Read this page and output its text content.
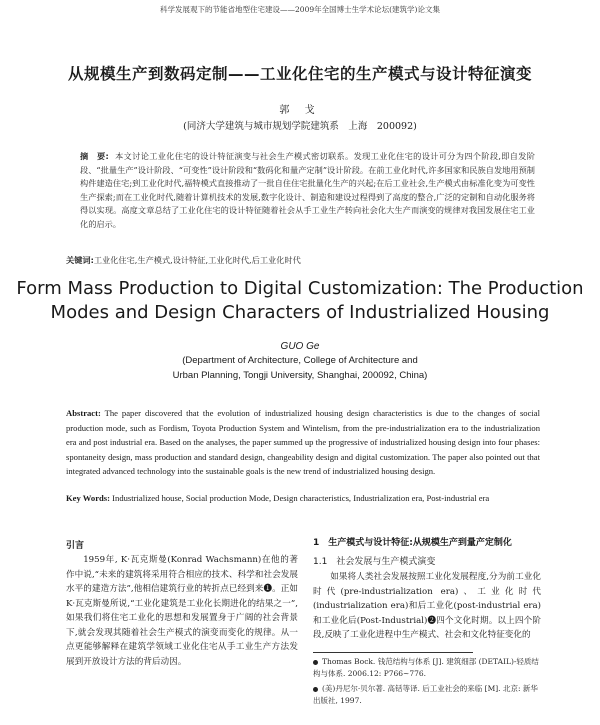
科学发展观下的节能省地型住宅建设——2009年全国博士生学术论坛(建筑学)论文集
从规模生产到数码定制——工业化住宅的生产模式与设计特征演变
郭 戈
(同济大学建筑与城市规划学院建筑系　上海　200092)
摘　要: 本文讨论工业化住宅的设计特征演变与社会生产模式密切联系。发现工业化住宅的设计可分为四个阶段,即自发阶段、“批量生产”设计阶段、“可变性”设计阶段和“数码化和量产定制”设计阶段。在前工业化时代,许多国家和民族自发地用预制构件建造住宅;到工业化时代,福特模式直接推动了一批自住住宅批量化生产的兴起;在后工业社会,生产模式由标准化变为可变性生产探索;而在工业化时代,随着计算机技术的发展,数字化设计、制造和建设过程得到了高度的整合,广泛的定制和自动化服务将得以实现。高度文章总结了工业化住宅的设计特征随着社会从手工业生产转向社会化大生产而演变的规律对我国发展住宅工业化的启示。
关键词:工业化住宅,生产模式,设计特征,工业化时代,后工业化时代
Form Mass Production to Digital Customization: The Production Modes and Design Characters of Industrialized Housing
GUO Ge
(Department of Architecture, College of Architecture and
Urban Planning, Tongji University, Shanghai, 200092, China)
Abstract: The paper discovered that the evolution of industrialized housing design characteristics is due to the changes of social production mode, such as Fordism, Toyota Production System and Wintelism, from the pre-industrialization era to the industrialization era and post industrial era. Based on the analyses, the paper summed up the progressive of industrialized housing design into four phases: spontaneity design, mass production and standard design, changeability design and digital customization. The paper also pointed out that integrated advanced technology into the sustainable goals is the new trend of industrialized housing design.
Key Words: Industrialized house, Social production Mode, Design characteristics, Industrialization era, Post-industrial era
引言

1959年, K·瓦克斯曼(Konrad Wachsmann)在他的著作中说,“未来的建筑将采用符合相应的技术、科学和社会发展水平的建造方法”,他相信建筑行业的转折点已经到来❶。正如K·瓦克斯曼所说,“工业化建筑是工业化长期进化的结果之一”,如果我们将住宅工业化的思想和发展置身于广阔的社会背景下,就会发现其随着社会生产模式的演变而变化的规律。从一点更能够解释在建筑学领域工业化住宅从手工业生产方法发展到开放设计方法的背后动因。

1　生产模式与设计特征:从规模生产到量产定制化
1.1　社会发展与生产模式演变

如果将人类社会发展按照工业化发展程度,分为前工业化时代(pre-industrialization era)、工业化时代(industrialization era)和后工业化(post-industrial era)和工业化后(Post-Industrial)❷四个文化时期。以上四个阶段,反映了工业化进程中生产模式、社会和文化特征变化的

Thomas Bock. 钱范结构与体系 [J]. 建筑细部 (DETAIL)-轻质结构与体系. 2006.12: P766~776.
(美)丹尼尔·贝尔著. 高铦等译. 后工业社会的来临 [M]. 北京: 新华出版社, 1997.
